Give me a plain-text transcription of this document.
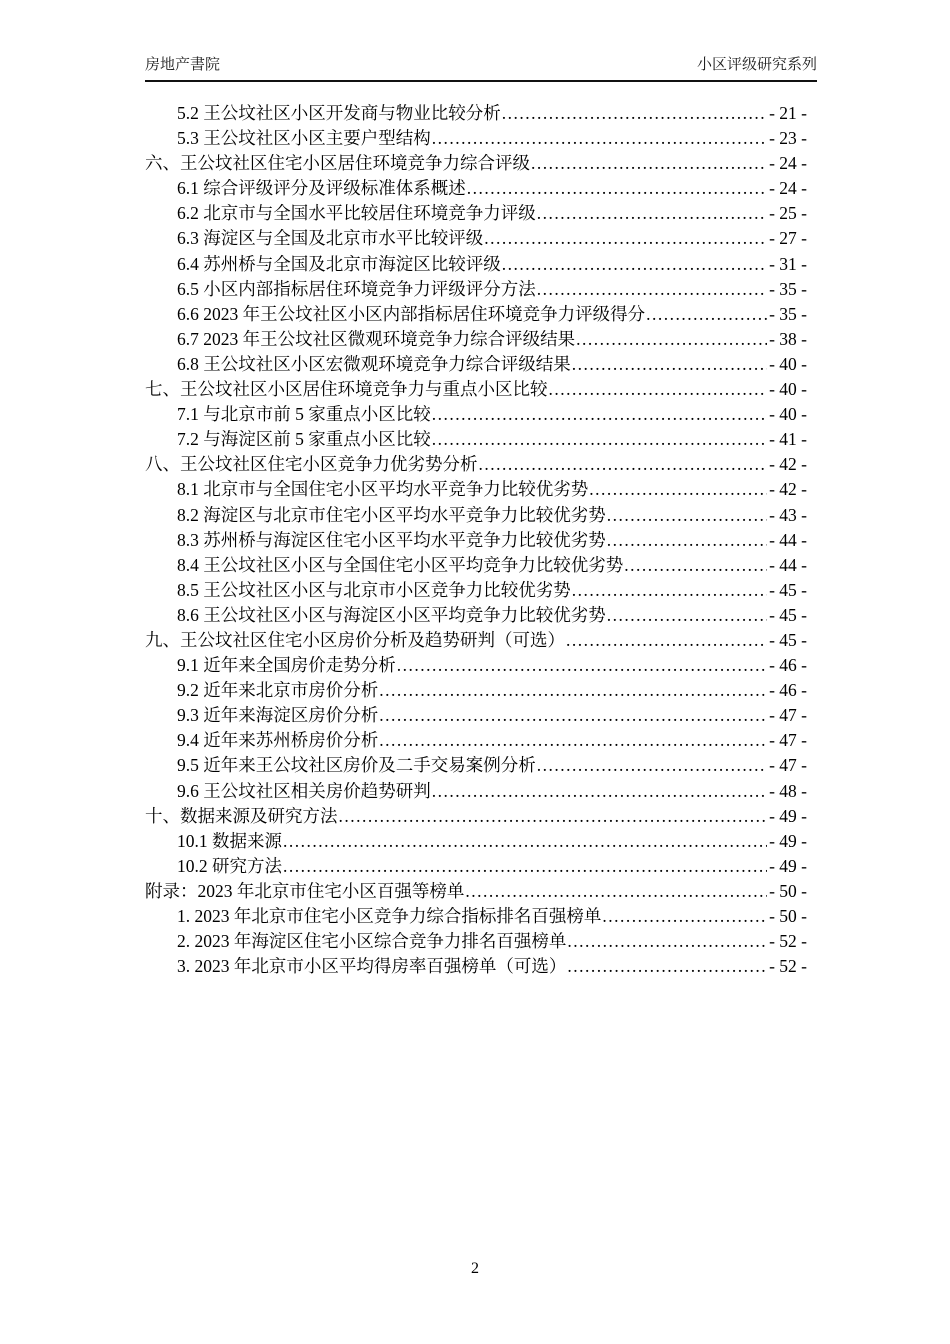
房地产書院	小区评级研究系列
5.2 王公坟社区小区开发商与物业比较分析 .....	- 21 -
5.3 王公坟社区小区主要户型结构 .....	- 23 -
六、王公坟社区住宅小区居住环境竞争力综合评级 .....	- 24 -
6.1 综合评级评分及评级标准体系概述 .....	- 24 -
6.2 北京市与全国水平比较居住环境竞争力评级 .....	- 25 -
6.3 海淀区与全国及北京市水平比较评级 .....	- 27 -
6.4 苏州桥与全国及北京市海淀区比较评级 .....	- 31 -
6.5 小区内部指标居住环境竞争力评级评分方法 .....	- 35 -
6.6 2023 年王公坟社区小区内部指标居住环境竞争力评级得分 .....	- 35 -
6.7 2023 年王公坟社区微观环境竞争力综合评级结果 .....	- 38 -
6.8 王公坟社区小区宏微观环境竞争力综合评级结果 .....	- 40 -
七、王公坟社区小区居住环境竞争力与重点小区比较 .....	- 40 -
7.1 与北京市前 5 家重点小区比较 .....	- 40 -
7.2 与海淀区前 5 家重点小区比较 .....	- 41 -
八、王公坟社区住宅小区竞争力优劣势分析 .....	- 42 -
8.1 北京市与全国住宅小区平均水平竞争力比较优劣势 .....	- 42 -
8.2 海淀区与北京市住宅小区平均水平竞争力比较优劣势 .....	- 43 -
8.3 苏州桥与海淀区住宅小区平均水平竞争力比较优劣势 .....	- 44 -
8.4 王公坟社区小区与全国住宅小区平均竞争力比较优劣势 .....	- 44 -
8.5 王公坟社区小区与北京市小区竞争力比较优劣势 .....	- 45 -
8.6 王公坟社区小区与海淀区小区平均竞争力比较优劣势 .....	- 45 -
九、王公坟社区住宅小区房价分析及趋势研判（可选） .....	- 45 -
9.1 近年来全国房价走势分析 .....	- 46 -
9.2 近年来北京市房价分析 .....	- 46 -
9.3 近年来海淀区房价分析 .....	- 47 -
9.4 近年来苏州桥房价分析 .....	- 47 -
9.5 近年来王公坟社区房价及二手交易案例分析 .....	- 47 -
9.6 王公坟社区相关房价趋势研判 .....	- 48 -
十、数据来源及研究方法 .....	- 49 -
10.1 数据来源 .....	- 49 -
10.2 研究方法 .....	- 49 -
附录：2023 年北京市住宅小区百强等榜单 .....	- 50 -
1. 2023 年北京市住宅小区竞争力综合指标排名百强榜单 .....	- 50 -
2. 2023 年海淀区住宅小区综合竞争力排名百强榜单 .....	- 52 -
3. 2023 年北京市小区平均得房率百强榜单（可选） .....	- 52 -
2
